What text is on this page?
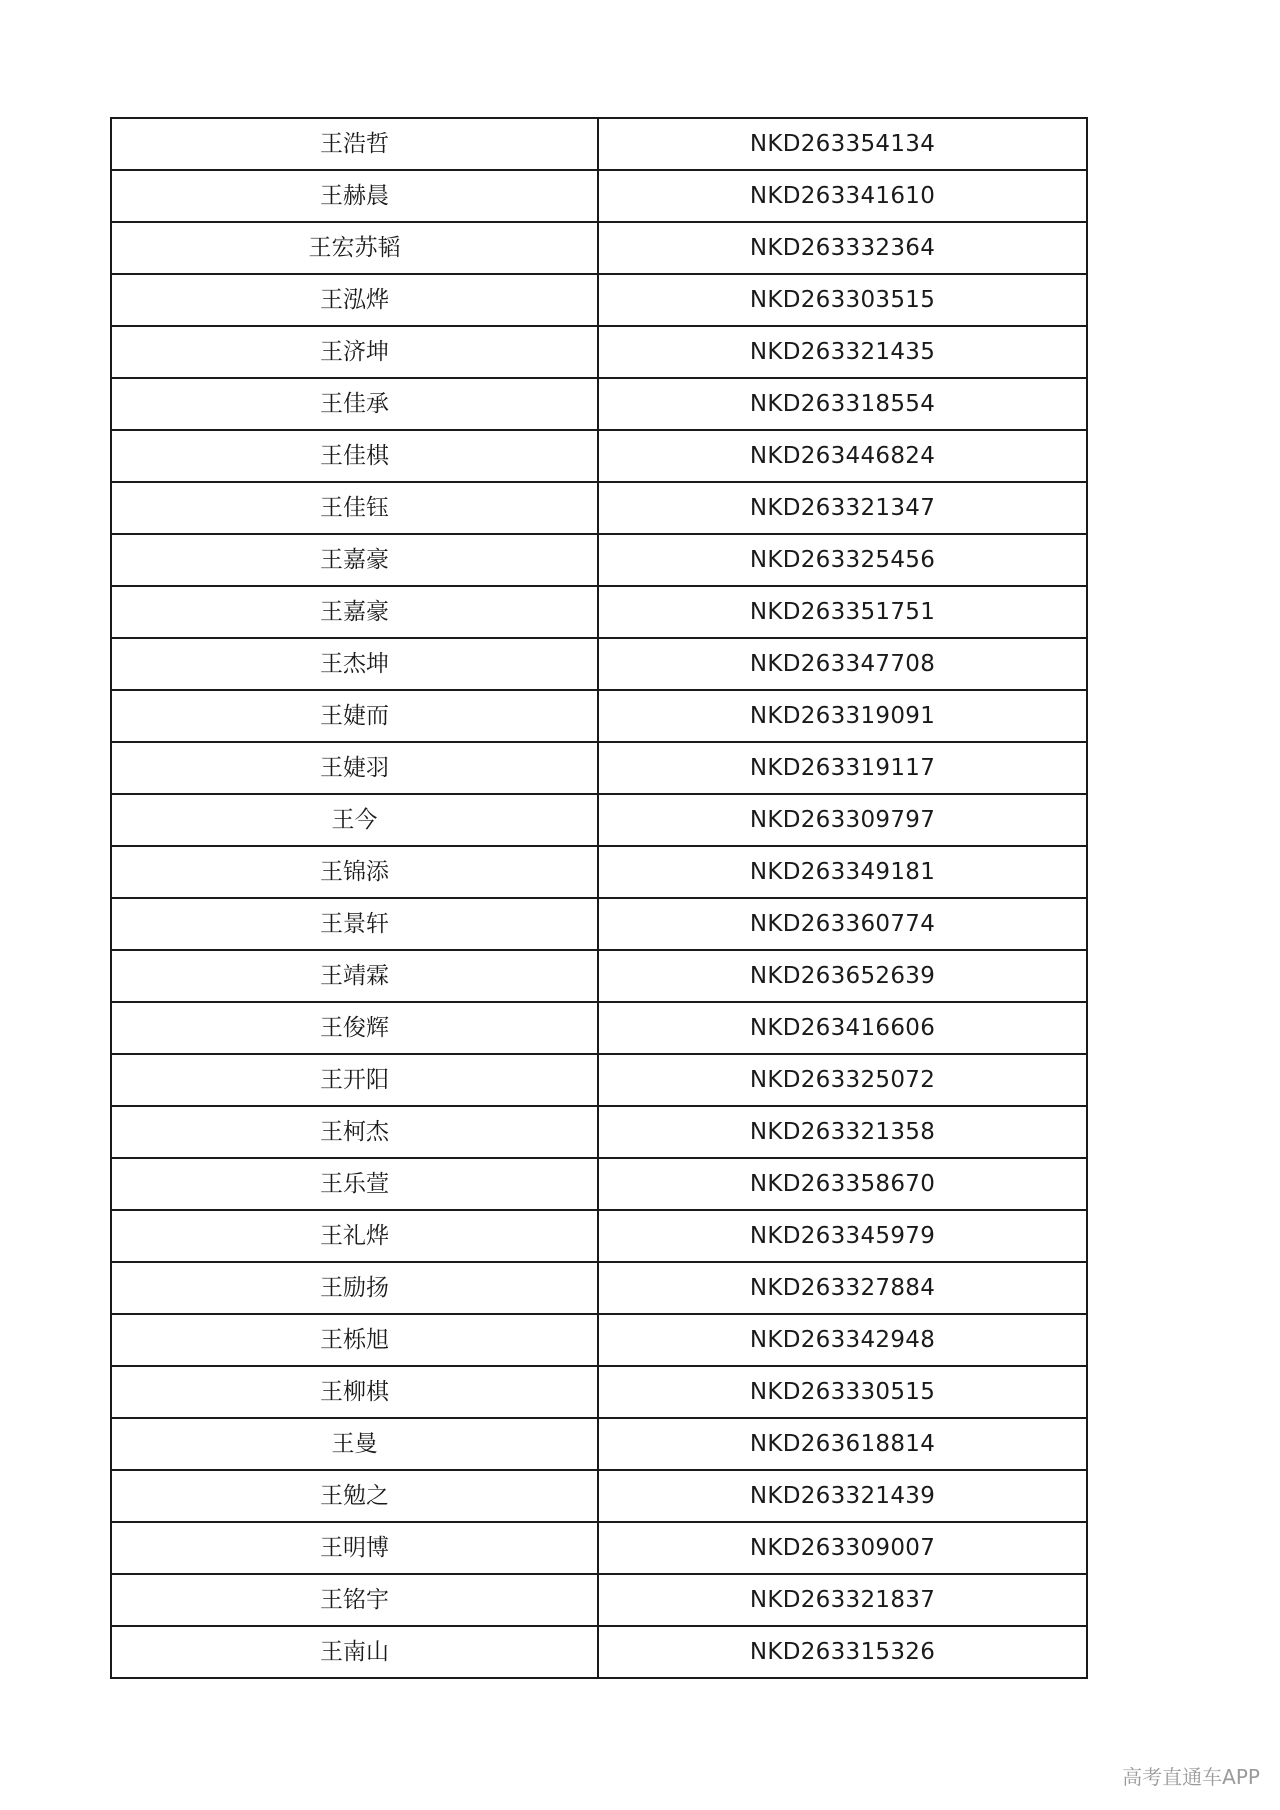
王浩哲	NKD263354134
王赫晨	NKD263341610
王宏苏韬	NKD263332364
王泓烨	NKD263303515
王济坤	NKD263321435
王佳承	NKD263318554
王佳棋	NKD263446824
王佳钰	NKD263321347
王嘉豪	NKD263325456
王嘉豪	NKD263351751
王杰坤	NKD263347708
王婕而	NKD263319091
王婕羽	NKD263319117
王今	NKD263309797
王锦添	NKD263349181
王景轩	NKD263360774
王靖霖	NKD263652639
王俊辉	NKD263416606
王开阳	NKD263325072
王柯杰	NKD263321358
王乐萱	NKD263358670
王礼烨	NKD263345979
王励扬	NKD263327884
王栎旭	NKD263342948
王柳棋	NKD263330515
王曼	NKD263618814
王勉之	NKD263321439
王明博	NKD263309007
王铭宇	NKD263321837
王南山	NKD263315326
高考直通车APP
